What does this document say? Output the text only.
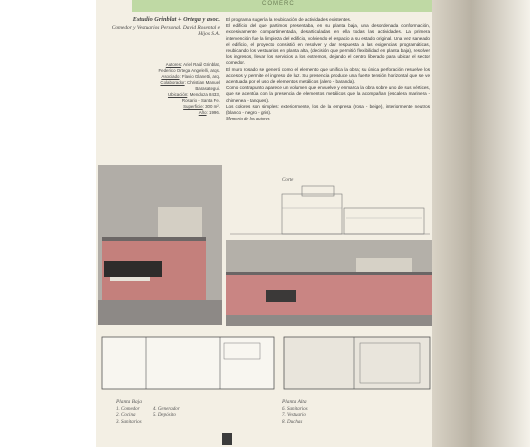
COMERC
Estudio Grinblat + Ortega y asoc.
Comedor y Vestuarios Personal. David Rosental e Hijos S.A.
Autores: Ariel Raúl Grinblat,
Federico Ortega Angelelli, arqs.
Asociado: Flavio Glanetti, arq.
Colaborador: Christian Manuel
Barasategui.
Ubicación: Mendoza 8433,
Rosario - Santa Fe.
Superficie: 300 m².
Año: 1996.

El programa sugería la reubicación de actividades existentes.

El edificio del que partimos presentaba, en su planta baja, una desordenada conformación, excesivamente compartimentada, desarticuladas en ella todas las actividades. La primera intervención fue la limpieza del edificio, volviendo el espacio a su estado original. Una vez saneado el edificio, el proyecto consistió en resolver y dar respuesta a las exigencias programáticas, reubicando los vestuarios en planta alta, (decisión que permitió flexibilidad en planta baja), resolver los ingresos, llevar los servicios a los extremos, dejando el centro liberado para ubicar el sector comedor.

El muro rosado se generó como el elemento que unifica la obra; su única perforación resuelve los accesos y permite el ingreso de luz. Su presencia produce una fuerte tensión horizontal que se ve acentuada por el uso de elementos metálicos (alero - baranda).

Como contrapunto aparece un volumen que envuelve y enmarca la obra sobre uno de sus vértices, que se acentúa con la presencia de elementos metálicos que la acompañan (escalera marinera - chimenea - tanques).

Los colores son simples: exteriormente, los de la empresa (rosa - beige), interiormente neutros (blanco - negro - gris).

Memoria de los autores
Corte
Planta Baja
1. Comedor
2. Cocina
3. Sanitarios

4. Generador
5. Depósito
Planta Alta
6. Sanitarios
7. Vestuario
8. Duchas
